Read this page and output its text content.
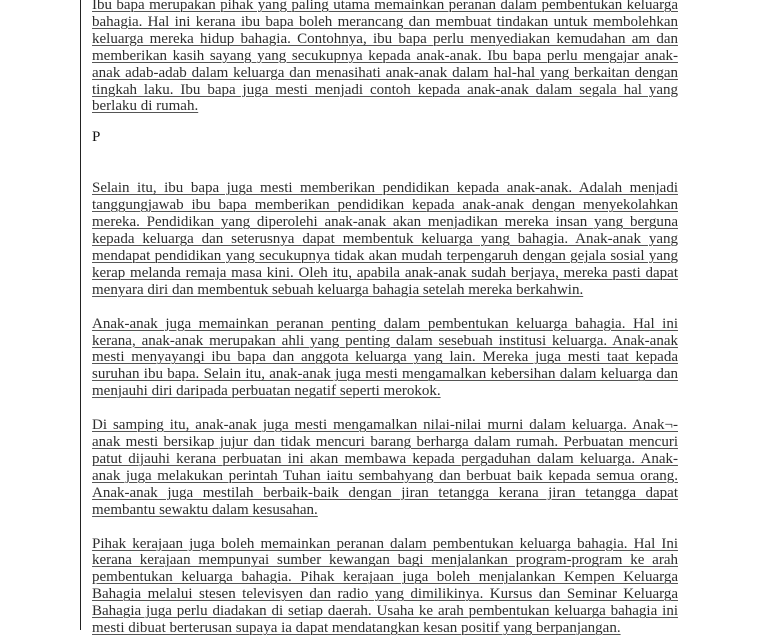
Ibu bapa merupakan pihak yang paling utama memainkan peranan dalam pembentukan keluarga bahagia. Hal ini kerana ibu bapa boleh merancang dan membuat tindakan untuk membolehkan keluarga mereka hidup bahagia. Contohnya, ibu bapa perlu menyediakan kemudahan am dan memberikan kasih sayang yang secukupnya kepada anak-anak. Ibu bapa perlu mengajar anak-anak adab-adab dalam keluarga dan menasihati anak-anak dalam hal-hal yang berkaitan dengan tingkah laku. Ibu bapa juga mesti menjadi contoh kepada anak-anak dalam segala hal yang berlaku di rumah.

P

Selain itu, ibu bapa juga mesti memberikan pendidikan kepada anak-anak. Adalah menjadi tanggungjawab ibu bapa memberikan pendidikan kepada anak-anak dengan menyekolahkan mereka. Pendidikan yang diperolehi anak-anak akan menjadikan mereka insan yang berguna kepada keluarga dan seterusnya dapat membentuk keluarga yang bahagia. Anak-anak yang mendapat pendidikan yang secukupnya tidak akan mudah terpengaruh dengan gejala sosial yang kerap melanda remaja masa kini. Oleh itu, apabila anak-anak sudah berjaya, mereka pasti dapat menyara diri dan membentuk sebuah keluarga bahagia setelah mereka berkahwin.

Anak-anak juga memainkan peranan penting dalam pembentukan keluarga bahagia. Hal ini kerana, anak-anak merupakan ahli yang penting dalam sesebuah institusi keluarga. Anak-anak mesti menyayangi ibu bapa dan anggota keluarga yang lain. Mereka juga mesti taat kepada suruhan ibu bapa. Selain itu, anak-anak juga mesti mengamalkan kebersihan dalam keluarga dan menjauhi diri daripada perbuatan negatif seperti merokok.

Di samping itu, anak-anak juga mesti mengamalkan nilai-nilai murni dalam keluarga. Anak¬-anak mesti bersikap jujur dan tidak mencuri barang berharga dalam rumah. Perbuatan mencuri patut dijauhi kerana perbuatan ini akan membawa kepada pergaduhan dalam keluarga. Anak-anak juga melakukan perintah Tuhan iaitu sembahyang dan berbuat baik kepada semua orang. Anak-anak juga mestilah berbaik-baik dengan jiran tetangga kerana jiran tetangga dapat membantu sewaktu dalam kesusahan.

Pihak kerajaan juga boleh memainkan peranan dalam pembentukan keluarga bahagia. Hal Ini kerana kerajaan mempunyai sumber kewangan bagi menjalankan program-program ke arah pembentukan keluarga bahagia. Pihak kerajaan juga boleh menjalankan Kempen Keluarga Bahagia melalui stesen televisyen dan radio yang dimilikinya. Kursus dan Seminar Keluarga Bahagia juga perlu diadakan di setiap daerah. Usaha ke arah pembentukan keluarga bahagia ini mesti dibuat berterusan supaya ia dapat mendatangkan kesan positif yang berpanjangan.
